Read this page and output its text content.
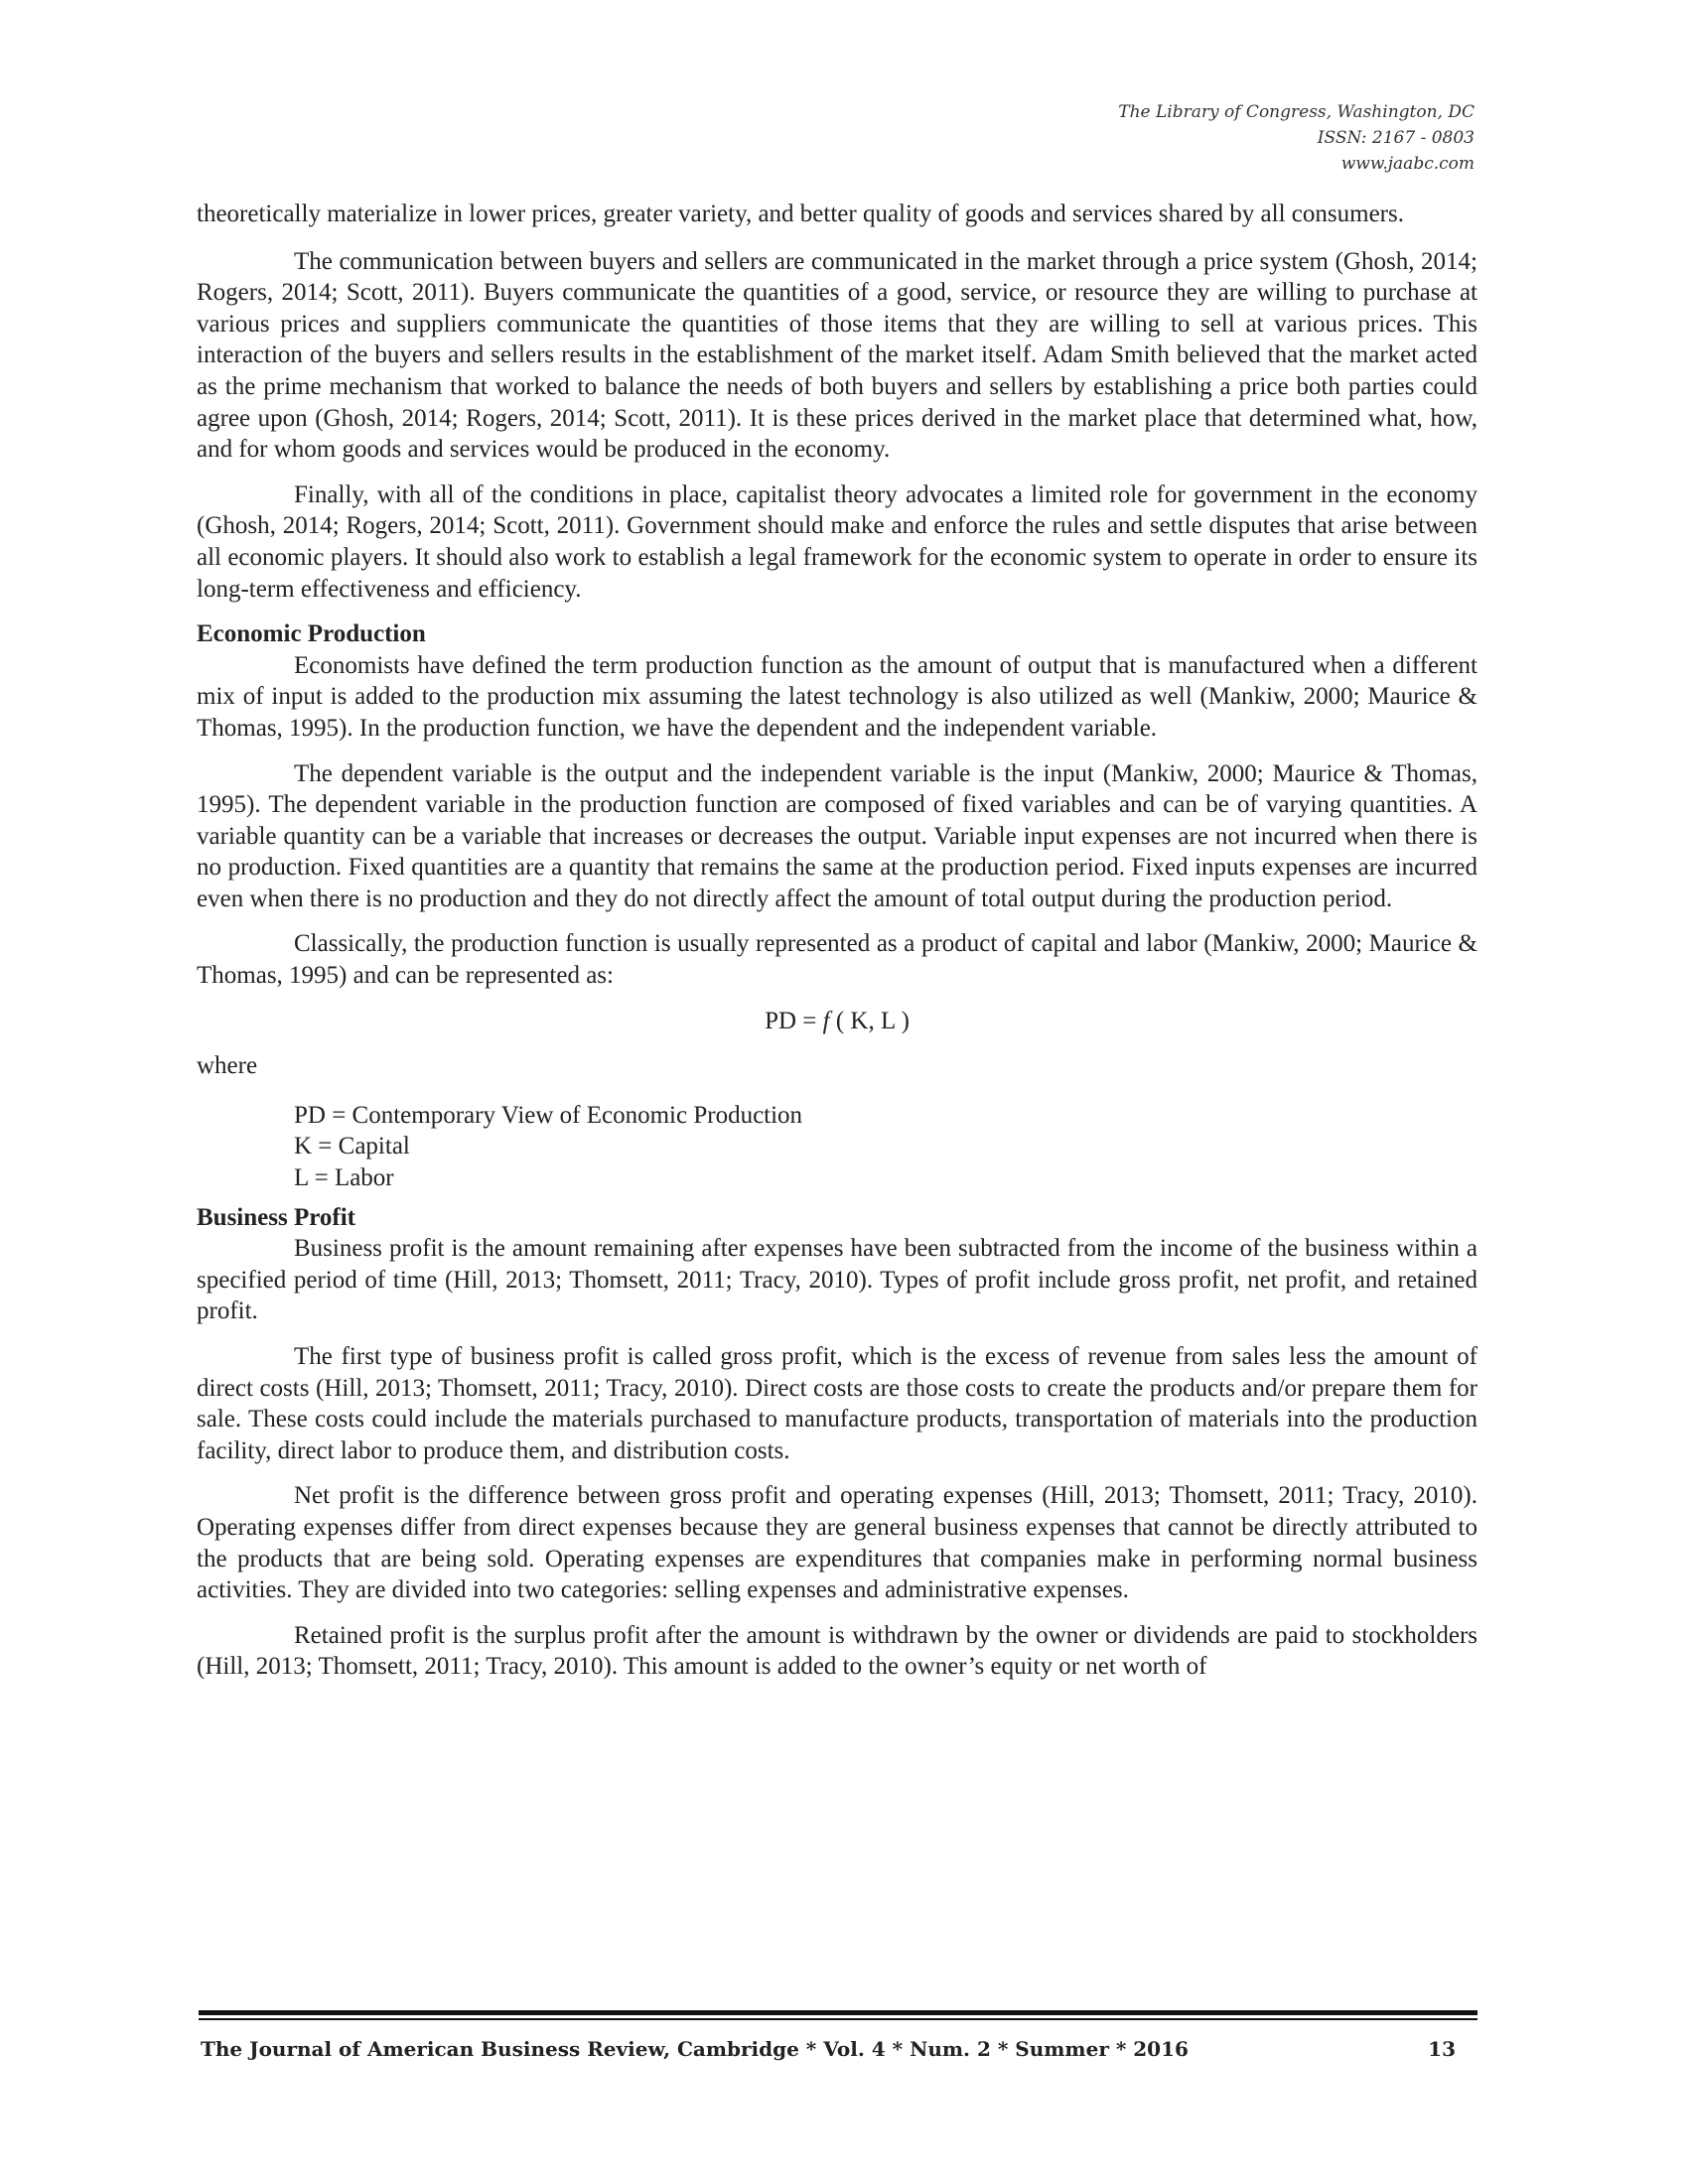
The Library of Congress, Washington, DC
ISSN: 2167 - 0803
www.jaabc.com

theoretically materialize in lower prices, greater variety, and better quality of goods and services shared by all consumers.

The communication between buyers and sellers are communicated in the market through a price system (Ghosh, 2014; Rogers, 2014; Scott, 2011). Buyers communicate the quantities of a good, service, or resource they are willing to purchase at various prices and suppliers communicate the quantities of those items that they are willing to sell at various prices. This interaction of the buyers and sellers results in the establishment of the market itself. Adam Smith believed that the market acted as the prime mechanism that worked to balance the needs of both buyers and sellers by establishing a price both parties could agree upon (Ghosh, 2014; Rogers, 2014; Scott, 2011). It is these prices derived in the market place that determined what, how, and for whom goods and services would be produced in the economy.

Finally, with all of the conditions in place, capitalist theory advocates a limited role for government in the economy (Ghosh, 2014; Rogers, 2014; Scott, 2011). Government should make and enforce the rules and settle disputes that arise between all economic players. It should also work to establish a legal framework for the economic system to operate in order to ensure its long-term effectiveness and efficiency.

Economic Production

Economists have defined the term production function as the amount of output that is manufactured when a different mix of input is added to the production mix assuming the latest technology is also utilized as well (Mankiw, 2000; Maurice & Thomas, 1995). In the production function, we have the dependent and the independent variable.

The dependent variable is the output and the independent variable is the input (Mankiw, 2000; Maurice & Thomas, 1995). The dependent variable in the production function are composed of fixed variables and can be of varying quantities. A variable quantity can be a variable that increases or decreases the output. Variable input expenses are not incurred when there is no production. Fixed quantities are a quantity that remains the same at the production period. Fixed inputs expenses are incurred even when there is no production and they do not directly affect the amount of total output during the production period.

Classically, the production function is usually represented as a product of capital and labor (Mankiw, 2000; Maurice & Thomas, 1995) and can be represented as:

PD = f ( K, L )
where
PD = Contemporary View of Economic Production
K = Capital
L = Labor
Business Profit

Business profit is the amount remaining after expenses have been subtracted from the income of the business within a specified period of time (Hill, 2013; Thomsett, 2011; Tracy, 2010). Types of profit include gross profit, net profit, and retained profit.

The first type of business profit is called gross profit, which is the excess of revenue from sales less the amount of direct costs (Hill, 2013; Thomsett, 2011; Tracy, 2010). Direct costs are those costs to create the products and/or prepare them for sale. These costs could include the materials purchased to manufacture products, transportation of materials into the production facility, direct labor to produce them, and distribution costs.

Net profit is the difference between gross profit and operating expenses (Hill, 2013; Thomsett, 2011; Tracy, 2010). Operating expenses differ from direct expenses because they are general business expenses that cannot be directly attributed to the products that are being sold. Operating expenses are expenditures that companies make in performing normal business activities. They are divided into two categories: selling expenses and administrative expenses.

Retained profit is the surplus profit after the amount is withdrawn by the owner or dividends are paid to stockholders (Hill, 2013; Thomsett, 2011; Tracy, 2010). This amount is added to the owner’s equity or net worth of

The Journal of American Business Review, Cambridge * Vol. 4 * Num. 2 * Summer * 2016	13
